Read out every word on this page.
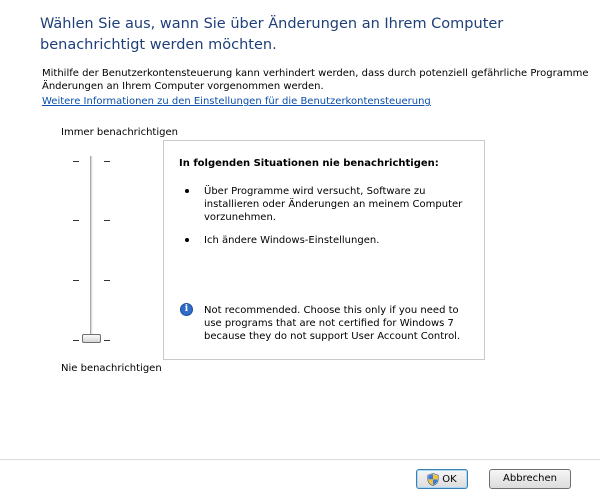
Wählen Sie aus, wann Sie über Änderungen an Ihrem Computer benachrichtigt werden möchten.
Mithilfe der Benutzerkontensteuerung kann verhindert werden, dass durch potenziell gefährliche Programme Änderungen an Ihrem Computer vorgenommen werden.
Weitere Informationen zu den Einstellungen für die Benutzerkontensteuerung
Immer benachrichtigen
Nie benachrichtigen
In folgenden Situationen nie benachrichtigen:
Über Programme wird versucht, Software zu installieren oder Änderungen an meinem Computer vorzunehmen.
Ich ändere Windows-Einstellungen.
i	Not recommended. Choose this only if you need to use programs that are not certified for Windows 7 because they do not support User Account Control.
OK	Abbrechen
